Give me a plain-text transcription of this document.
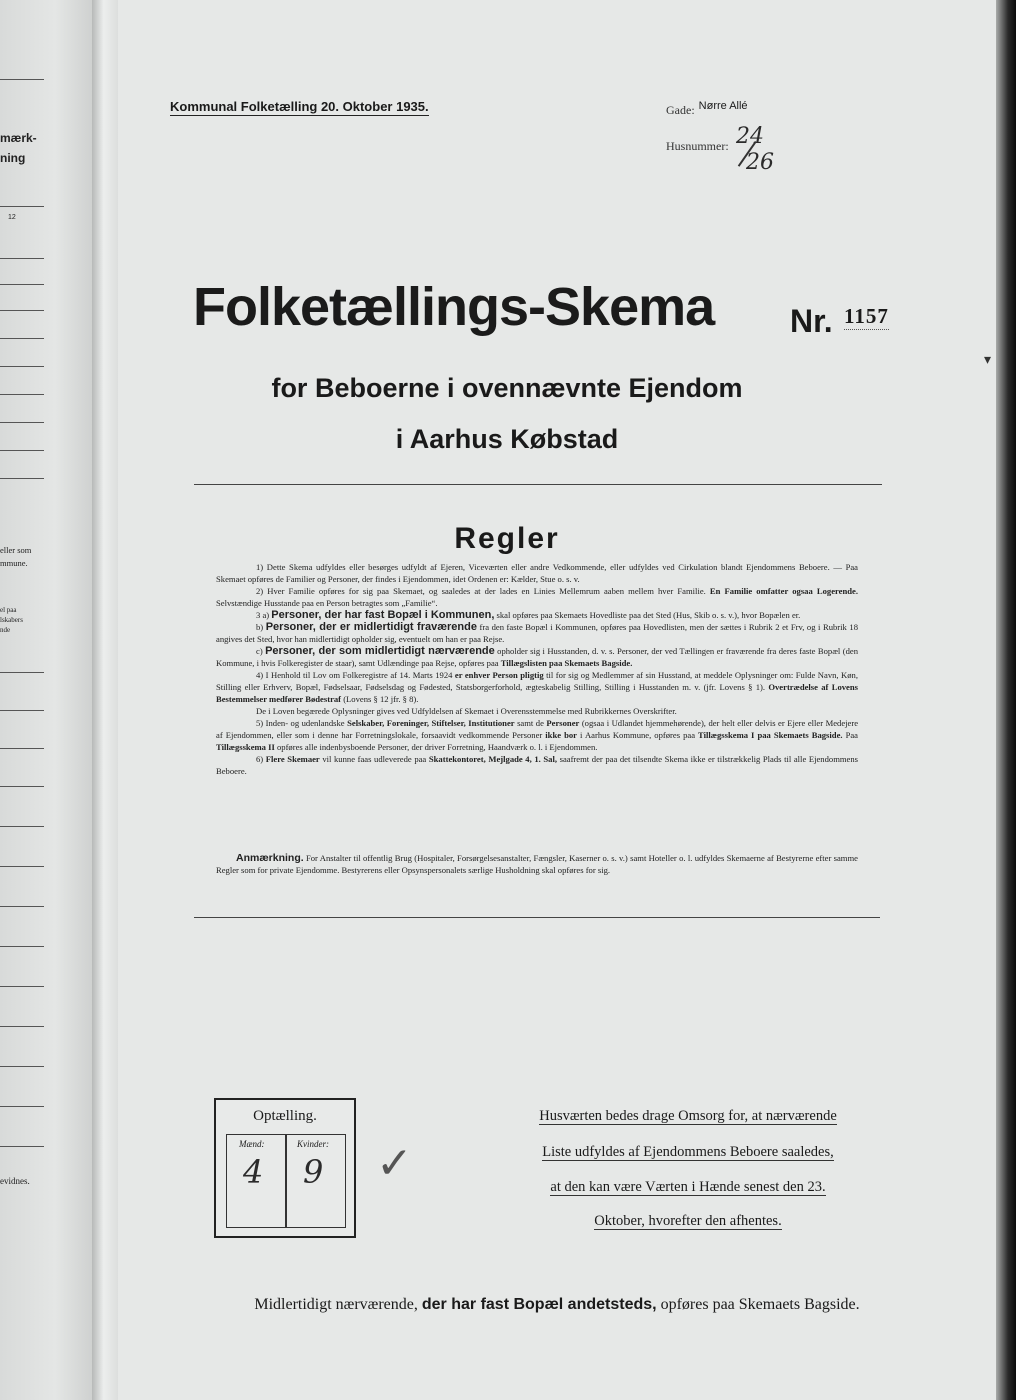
mærk-
ning
12
eller som
mmune.
el paa
lskabers
nde
evidnes.
Kommunal Folketælling 20. Oktober 1935.	Gade: $^{Nørre Allé}$
Husnummer: 24
26
Folketællings-Skema Nr. 1157
for Beboerne i ovennævnte Ejendom
i Aarhus Købstad
Regler

1) Dette Skema udfyldes eller besørges udfyldt af Ejeren, Viceværten eller andre Vedkommende, eller udfyldes ved Cirkulation blandt Ejendommens Beboere. — Paa Skemaet opføres de Familier og Personer, der findes i Ejendommen, idet Ordenen er: Kælder, Stue o. s. v.

2) Hver Familie opføres for sig paa Skemaet, og saaledes at der lades en Linies Mellemrum aaben mellem hver Familie. En Familie omfatter ogsaa Logerende. Selvstændige Husstande paa en Person betragtes som „Familie“.

3 a) Personer, der har fast Bopæl i Kommunen, skal opføres paa Skemaets Hovedliste paa det Sted (Hus, Skib o. s. v.), hvor Bopælen er.

b) Personer, der er midlertidigt fraværende fra den faste Bopæl i Kommunen, opføres paa Hovedlisten, men der sættes i Rubrik 2 et Frv, og i Rubrik 18 angives det Sted, hvor han midlertidigt opholder sig, eventuelt om han er paa Rejse.

c) Personer, der som midlertidigt nærværende opholder sig i Husstanden, d. v. s. Personer, der ved Tællingen er fraværende fra deres faste Bopæl (den Kommune, i hvis Folkeregister de staar), samt Udlændinge paa Rejse, opføres paa Tillægslisten paa Skemaets Bagside.

4) I Henhold til Lov om Folkeregistre af 14. Marts 1924 er enhver Person pligtig til for sig og Medlemmer af sin Husstand, at meddele Oplysninger om: Fulde Navn, Køn, Stilling eller Erhverv, Bopæl, Fødselsaar, Fødselsdag og Fødested, Statsborgerforhold, ægteskabelig Stilling, Stilling i Husstanden m. v. (jfr. Lovens § 1). Overtrædelse af Lovens Bestemmelser medfører Bødestraf (Lovens § 12 jfr. § 8).

De i Loven begærede Oplysninger gives ved Udfyldelsen af Skemaet i Overensstemmelse med Rubrikkernes Overskrifter.

5) Inden- og udenlandske Selskaber, Foreninger, Stiftelser, Institutioner samt de Personer (ogsaa i Udlandet hjemmehørende), der helt eller delvis er Ejere eller Medejere af Ejendommen, eller som i denne har Forretningslokale, forsaavidt vedkommende Personer ikke bor i Aarhus Kommune, opføres paa Tillægsskema I paa Skemaets Bagside. Paa Tillægsskema II opføres alle indenbysboende Personer, der driver Forretning, Haandværk o. l. i Ejendommen.

6) Flere Skemaer vil kunne faas udleverede paa Skattekontoret, Mejlgade 4, 1. Sal, saafremt der paa det tilsendte Skema ikke er tilstrækkelig Plads til alle Ejendommens Beboere.

Anmærkning. For Anstalter til offentlig Brug (Hospitaler, Forsørgelsesanstalter, Fængsler, Kaserner o. s. v.) samt Hoteller o. l. udfyldes Skemaerne af Bestyrerne efter samme Regler som for private Ejendomme. Bestyrerens eller Opsynspersonalets særlige Husholdning skal opføres for sig.
Optælling.
Mænd:	Kvinder:
4 9 ✓
Husværten bedes drage Omsorg for, at nærværende
Liste udfyldes af Ejendommens Beboere saaledes,
at den kan være Værten i Hænde senest den 23.
Oktober, hvorefter den afhentes.
Midlertidigt nærværende, der har fast Bopæl andetsteds, opføres paa Skemaets Bagside.
▾
